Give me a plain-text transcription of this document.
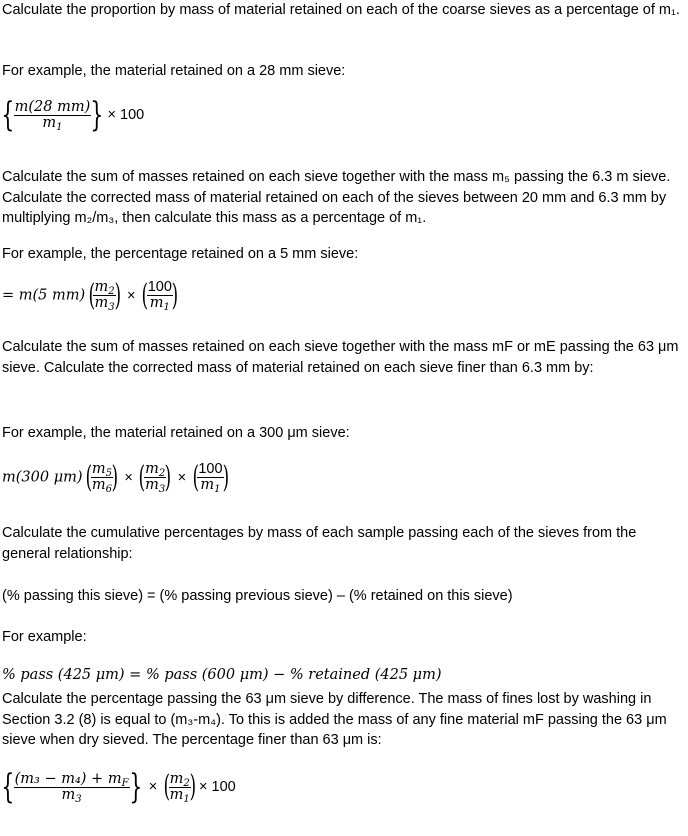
Calculate the proportion by mass of material retained on each of the coarse sieves as a percentage of m₁.

For example, the material retained on a 28 mm sieve:

{ $\frac{m(28 mm)}{m_1}$ } × 100

Calculate the sum of masses retained on each sieve together with the mass m₅ passing the 6.3 m sieve. Calculate the corrected mass of material retained on each of the sieves between 20 mm and 6.3 mm by multiplying m₂/m₃, then calculate this mass as a percentage of m₁.

For example, the percentage retained on a 5 mm sieve:

= m(5 mm) (
$\frac{m_2}{m_3}$
) × (
$\frac{100}{m_1}$
)

Calculate the sum of masses retained on each sieve together with the mass mF or mE passing the 63 μm sieve. Calculate the corrected mass of material retained on each sieve finer than 6.3 mm by:

For example, the material retained on a 300 μm sieve:

m(300 μm) (
$\frac{m_5}{m_6}$
) × (
$\frac{m_2}{m_3}$
) × (
$\frac{100}{m_1}$
)

Calculate the cumulative percentages by mass of each sample passing each of the sieves from the general relationship:

(% passing this sieve) = (% passing previous sieve) – (% retained on this sieve)

For example:

% pass (425 μm) = % pass (600 μm) − % retained (425 μm)

Calculate the percentage passing the 63 μm sieve by difference. The mass of fines lost by washing in Section 3.2 (8) is equal to (m₃-m₄). To this is added the mass of any fine material mF passing the 63 μm sieve when dry sieved. The percentage finer than 63 μm is:

{ $\frac{(m_3 - m_4) + m_F}{m_3}$ } × (
$\frac{m_2}{m_1}$
) × 100
